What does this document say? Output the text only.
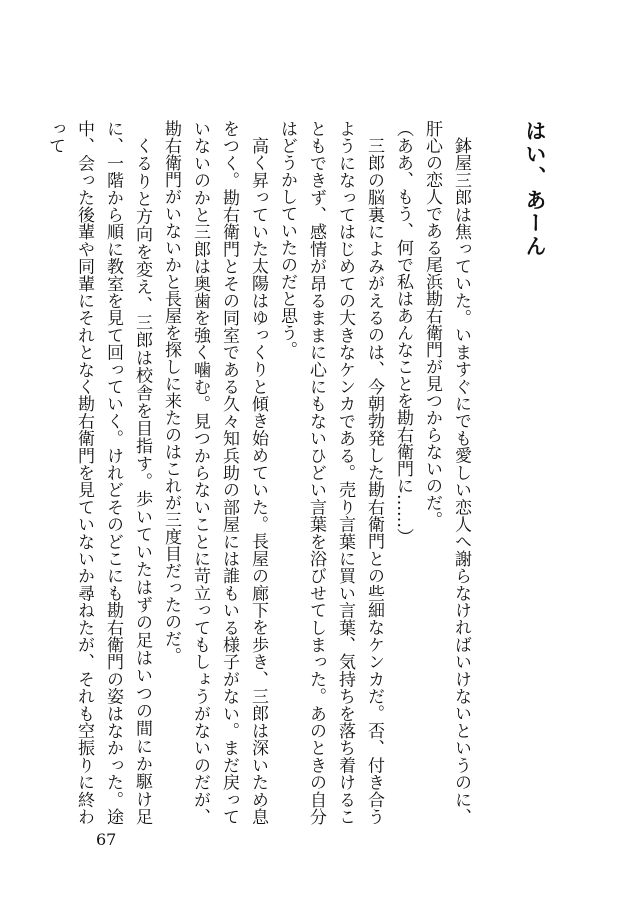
はい、あーん

鉢屋三郎は焦っていた。いますぐにでも愛しい恋人へ謝らなければいけないというのに、肝心の恋人である尾浜勘右衛門が見つからないのだ。

（ああ、もう、何で私はあんなことを勘右衛門に……）

三郎の脳裏によみがえるのは、今朝勃発した勘右衛門との些細なケンカだ。否、付き合うようになってはじめての大きなケンカである。売り言葉に買い言葉、気持ちを落ち着けることもできず、感情が昂るままに心にもないひどい言葉を浴びせてしまった。あのときの自分はどうかしていたのだと思う。

高く昇っていた太陽はゆっくりと傾き始めていた。長屋の廊下を歩き、三郎は深いため息をつく。勘右衛門とその同室である久々知兵助の部屋には誰もいる様子がない。まだ戻っていないのかと三郎は奥歯を強く噛む。見つからないことに苛立ってもしょうがないのだが、勘右衛門がいないかと長屋を探しに来たのはこれが三度目だったのだ。

くるりと方向を変え、三郎は校舎を目指す。歩いていたはずの足はいつの間にか駆け足に、一階から順に教室を見て回っていく。けれどそのどこにも勘右衛門の姿はなかった。途中、会った後輩や同輩にそれとなく勘右衛門を見ていないか尋ねたが、それも空振りに終わって

67
